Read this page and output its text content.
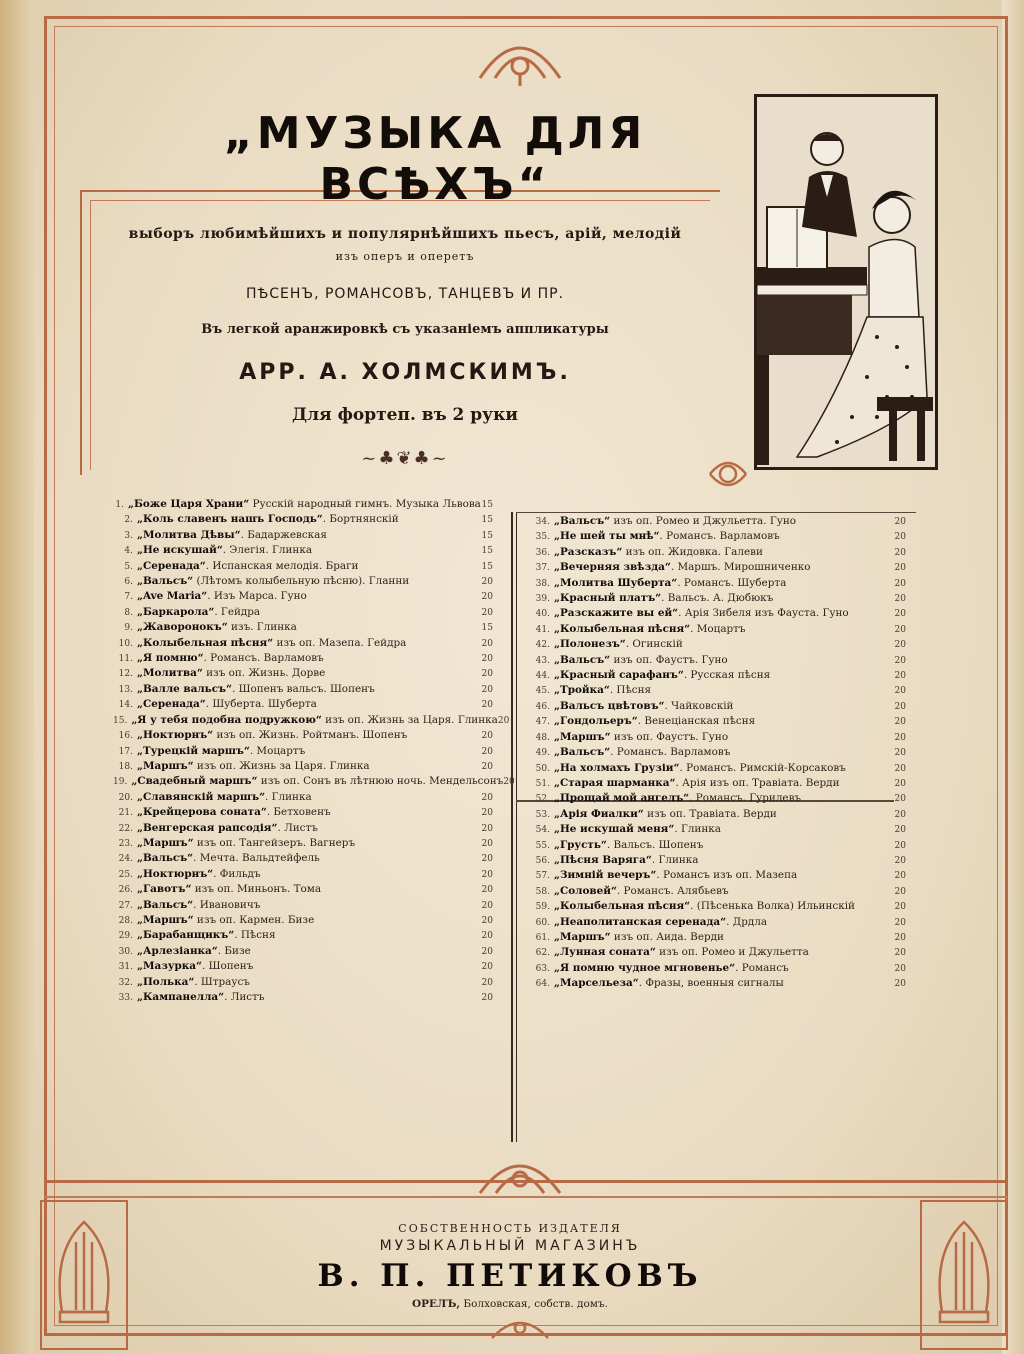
„МУЗЫКА ДЛЯ ВСѢХЪ“
выборъ любимѣйшихъ и популярнѣйшихъ пьесъ, арій, мелодій
изъ оперъ и оперетъ
ПѢСЕНЪ, РОМАНСОВЪ, ТАНЦЕВЪ И ПР.
Въ легкой аранжировкѣ съ указаніемъ аппликатуры
АРР. А. ХОЛМСКИМЪ.
Для фортеп. въ 2 руки
~♣❦♣~
1. „Боже Царя Храни“ Русскій народный гимнъ. Музыка Львова 15
2. „Коль славенъ нашъ Господь“. Бортнянскій	15
3. „Молитва Дѣвы“. Бадаржевская	15
4. „Не искушай“. Элегія. Глинка	15
5. „Серенада“. Испанская мелодія. Браги	15
6. „Вальсъ“ (Лѣтомъ колыбельную пѣсню). Гланни	20
7. „Ave Maria“. Изъ Марса. Гуно	20
8. „Баркарола“. Гейдра	20
9. „Жаворонокъ“ изъ. Глинка	15
10. „Колыбельная пѣсня“ изъ оп. Мазепа. Гейдра	20
11. „Я помню“. Романсъ. Варламовъ	20
12. „Молитва“ изъ оп. Жизнь. Дорвe	20
13. „Валле вальсъ“. Шопенъ вальсъ. Шопенъ	20
14. „Серенада“. Шуберта. Шуберта	20
15. „Я у тебя подобна подружкою“ изъ оп. Жизнь за Царя. Глинка 20
16. „Ноктюрнъ“ изъ оп. Жизнь. Ройтманъ. Шопенъ	20
17. „Турецкій маршъ“. Моцартъ	20
18. „Маршъ“ изъ оп. Жизнь за Царя. Глинка	20
19. „Свадебный маршъ“ изъ оп. Сонъ въ лѣтнюю ночь. Мендельсонъ 20
20. „Славянскій маршъ“. Глинка	20
21. „Крейцерова соната“. Бетховенъ	20
22. „Венгерская рапсодія“. Листъ	20
23. „Маршъ“ изъ оп. Тангейзеръ. Вагнеръ	20
24. „Вальсъ“. Мечта. Вальдтейфель	20
25. „Ноктюрнъ“. Фильдъ	20
26. „Гавотъ“ изъ оп. Миньонъ. Тома	20
27. „Вальсъ“. Ивановичъ	20
28. „Маршъ“ изъ оп. Кармен. Бизе	20
29. „Барабанщикъ“. Пѣсня	20
30. „Арлезіанка“. Бизе	20
31. „Мазурка“. Шопенъ	20
32. „Полька“. Штраусъ	20
33. „Кампанелла“. Листъ	20
34. „Вальсъ“ изъ оп. Ромео и Джульетта. Гуно	20
35. „Не шей ты мнѣ“. Романсъ. Варламовъ	20
36. „Разсказъ“ изъ оп. Жидовка. Галеви	20
37. „Вечерняя звѣзда“. Маршъ. Мирошниченко	20
38. „Молитва Шуберта“. Романсъ. Шуберта	20
39. „Красный платъ“. Вальсъ. А. Дюбюкъ	20
40. „Разскажите вы ей“. Арія Зибеля изъ Фауста. Гуно	20
41. „Колыбельная пѣсня“. Моцартъ	20
42. „Полонезъ“. Огинскій	20
43. „Вальсъ“ изъ оп. Фаустъ. Гуно	20
44. „Красный сарафанъ“. Русская пѣсня	20
45. „Тройка“. Пѣсня	20
46. „Вальсъ цвѣтовъ“. Чайковскій	20
47. „Гондольеръ“. Венеціанская пѣсня	20
48. „Маршъ“ изъ оп. Фаустъ. Гуно	20
49. „Вальсъ“. Романсъ. Варламовъ	20
50. „На холмахъ Грузіи“. Романсъ. Римскій-Корсаковъ	20
51. „Старая шарманка“. Арія изъ оп. Травіата. Верди	20
52. „Прощай мой ангелъ“. Романсъ. Гурилевъ	20
53. „Арія Фиалки“ изъ оп. Травіата. Верди	20
54. „Не искушай меня“. Глинка	20
55. „Грусть“. Вальсъ. Шопенъ	20
56. „Пѣсня Варяга“. Глинка	20
57. „Зимній вечеръ“. Романсъ изъ оп. Мазепа	20
58. „Соловей“. Романсъ. Алябьевъ	20
59. „Колыбельная пѣсня“. (Пѣсенька Волка) Ильинскій	20
60. „Неаполитанская серенада“. Дрдла	20
61. „Маршъ“ изъ оп. Аида. Верди	20
62. „Лунная соната“ изъ оп. Ромео и Джульетта	20
63. „Я помню чудное мгновенье“. Романсъ	20
64. „Марсельеза“. Фразы, военныя сигналы	20
СОБСТВЕННОСТЬ ИЗДАТЕЛЯ
МУЗЫКАЛЬНЫЙ МАГАЗИНЪ
В. П. ПЕТИКОВЪ
ОРЕЛЪ, Болховская, собств. домъ.
